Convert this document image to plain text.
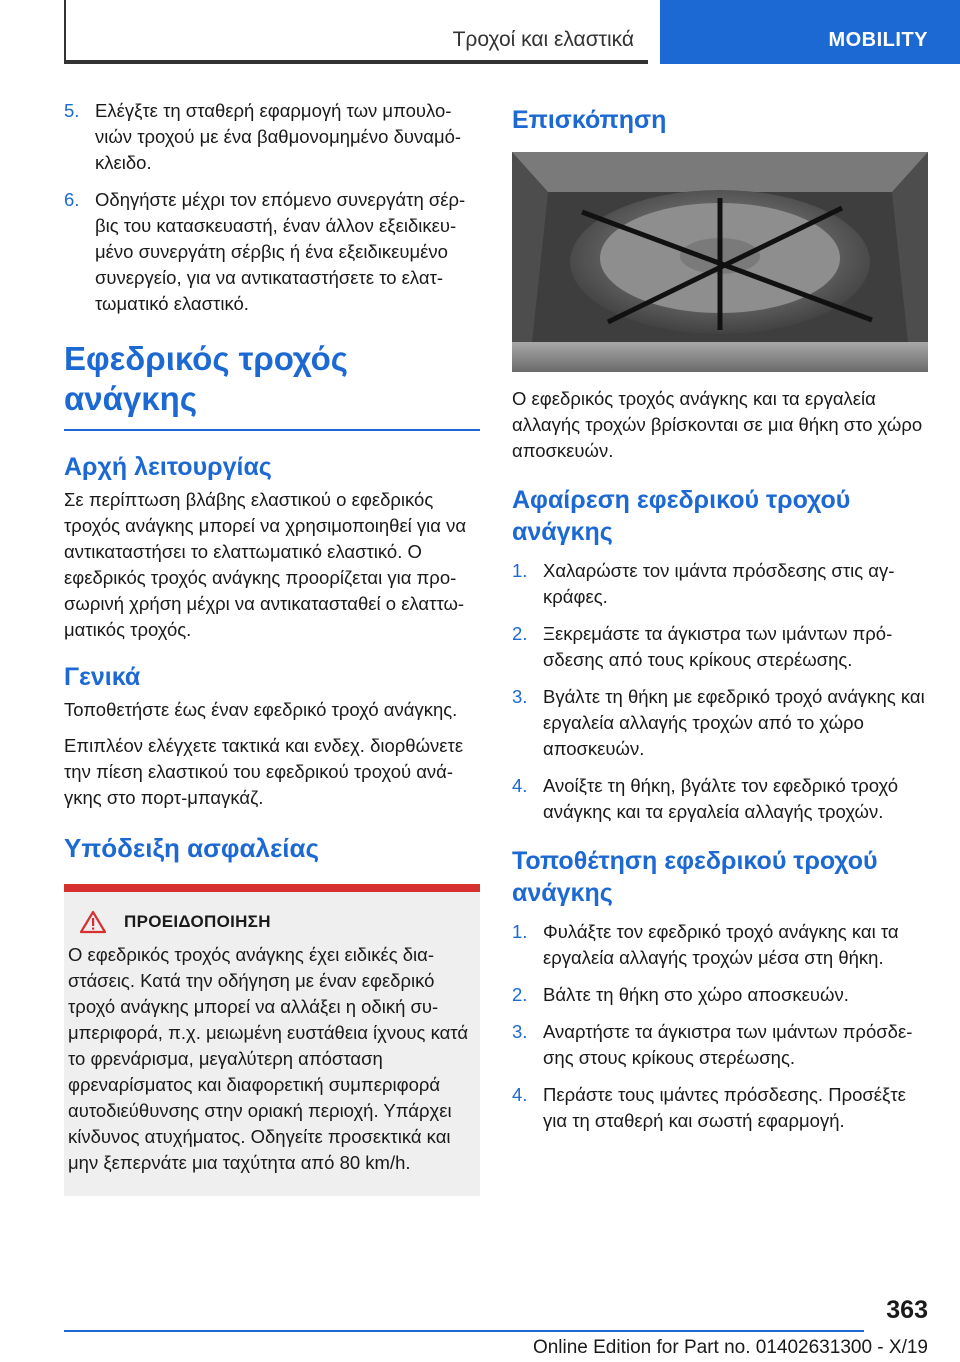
Τροχοί και ελαστικά	MOBILITY
5. Ελέγξτε τη σταθερή εφαρμογή των μπουλο-νιών τροχού με ένα βαθμονομημένο δυναμό-κλειδο.
6. Οδηγήστε μέχρι τον επόμενο συνεργάτη σέρ-βις του κατασκευαστή, έναν άλλον εξειδικευ-μένο συνεργάτη σέρβις ή ένα εξειδικευμένο συνεργείο, για να αντικαταστήσετε το ελατ-τωματικό ελαστικό.
Εφεδρικός τροχός ανάγκης
Αρχή λειτουργίας

Σε περίπτωση βλάβης ελαστικού ο εφεδρικός τροχός ανάγκης μπορεί να χρησιμοποιηθεί για να αντικαταστήσει το ελαττωματικό ελαστικό. Ο εφεδρικός τροχός ανάγκης προορίζεται για προ-σωρινή χρήση μέχρι να αντικατασταθεί ο ελαττω-ματικός τροχός.

Γενικά

Τοποθετήστε έως έναν εφεδρικό τροχό ανάγκης.

Επιπλέον ελέγχετε τακτικά και ενδεχ. διορθώνετε την πίεση ελαστικού του εφεδρικού τροχού ανά-γκης στο πορτ-μπαγκάζ.

Υπόδειξη ασφαλείας
ΠΡΟΕΙΔΟΠΟΙΗΣΗ

Ο εφεδρικός τροχός ανάγκης έχει ειδικές δια-στάσεις. Κατά την οδήγηση με έναν εφεδρικό τροχό ανάγκης μπορεί να αλλάξει η οδική συ-μπεριφορά, π.χ. μειωμένη ευστάθεια ίχνους κατά το φρενάρισμα, μεγαλύτερη απόσταση φρεναρίσματος και διαφορετική συμπεριφορά αυτοδιεύθυνσης στην οριακή περιοχή. Υπάρχει κίνδυνος ατυχήματος. Οδηγείτε προσεκτικά και μην ξεπερνάτε μια ταχύτητα από 80 km/h.

Επισκόπηση

Ο εφεδρικός τροχός ανάγκης και τα εργαλεία αλλαγής τροχών βρίσκονται σε μια θήκη στο χώρο αποσκευών.

Αφαίρεση εφεδρικού τροχού ανάγκης
1. Χαλαρώστε τον ιμάντα πρόσδεσης στις αγ-κράφες.
2. Ξεκρεμάστε τα άγκιστρα των ιμάντων πρό-σδεσης από τους κρίκους στερέωσης.
3. Βγάλτε τη θήκη με εφεδρικό τροχό ανάγκης και εργαλεία αλλαγής τροχών από το χώρο αποσκευών.
4. Ανοίξτε τη θήκη, βγάλτε τον εφεδρικό τροχό ανάγκης και τα εργαλεία αλλαγής τροχών.
Τοποθέτηση εφεδρικού τροχού ανάγκης
1. Φυλάξτε τον εφεδρικό τροχό ανάγκης και τα εργαλεία αλλαγής τροχών μέσα στη θήκη.
2. Βάλτε τη θήκη στο χώρο αποσκευών.
3. Αναρτήστε τα άγκιστρα των ιμάντων πρόσδε-σης στους κρίκους στερέωσης.
4. Περάστε τους ιμάντες πρόσδεσης. Προσέξτε για τη σταθερή και σωστή εφαρμογή.
363
Online Edition for Part no. 01402631300 - X/19
